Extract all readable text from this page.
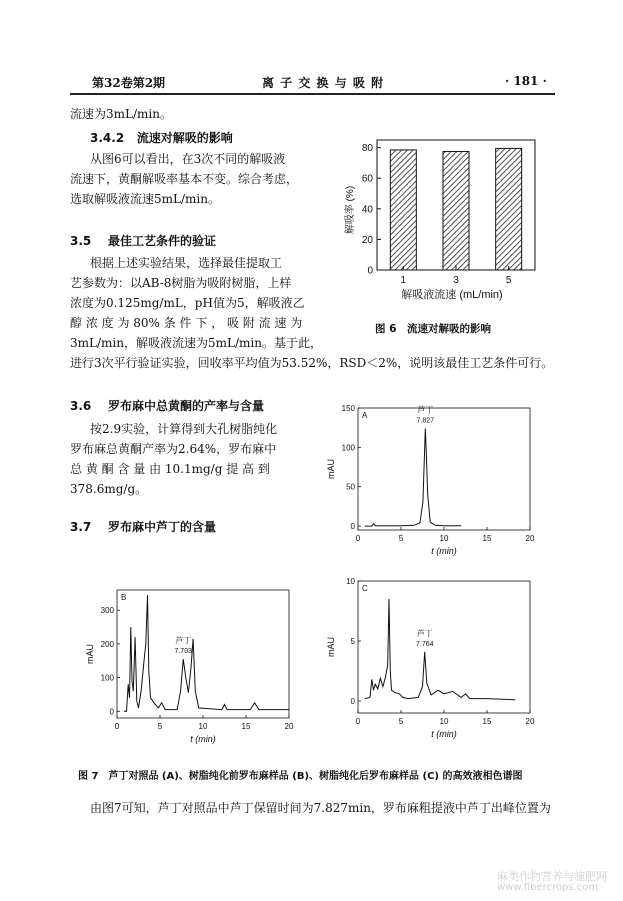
第32卷第2期	离 子 交 换 与 吸 附	· 181 ·
流速为3mL/min。
3.4.2 流速对解吸的影响
从图6可以看出，在3次不同的解吸液
流速下，黄酮解吸率基本不变。综合考虑，
选取解吸液流速5mL/min。
3.5 最佳工艺条件的验证
根据上述实验结果，选择最佳提取工
艺参数为：以AB-8树脂为吸附树脂，上样
浓度为0.125mg/mL，pH值为5，解吸液乙
醇 浓 度 为 80% 条 件 下 ， 吸 附 流 速 为
3mL/min，解吸液流速为5mL/min。基于此，
进行3次平行验证实验，回收率平均值为53.52%，RSD＜2%，说明该最佳工艺条件可行。
3.6 罗布麻中总黄酮的产率与含量
按2.9实验，计算得到大孔树脂纯化
罗布麻总黄酮产率为2.64%，罗布麻中
总 黄 酮 含 量 由 10.1mg/g 提 高 到
378.6mg/g。
3.7 罗布麻中芦丁的含量
0
20
40
60
80
1	3	5
解吸率 (%)
解吸液流速 (mL/min)
图 6　流速对解吸的影响
0
50
100
150
0	5	10	15	20
A
mAU
t (min)
芦丁
7.827
0
100
200
300
0	5	10	15	20
B
mAU
t (min)
芦丁
7.703
0
5
10
0	5	10	15	20
C
mAU
t (min)
芦丁
7.764
图 7　芦丁对照品 (A)、树脂纯化前罗布麻样品 (B)、树脂纯化后罗布麻样品 (C) 的高效液相色谱图
由图7可知，芦丁对照品中芦丁保留时间为7.827min，罗布麻粗提液中芦丁出峰位置为
麻类作物营养与施肥网
www.fibercrops.com
